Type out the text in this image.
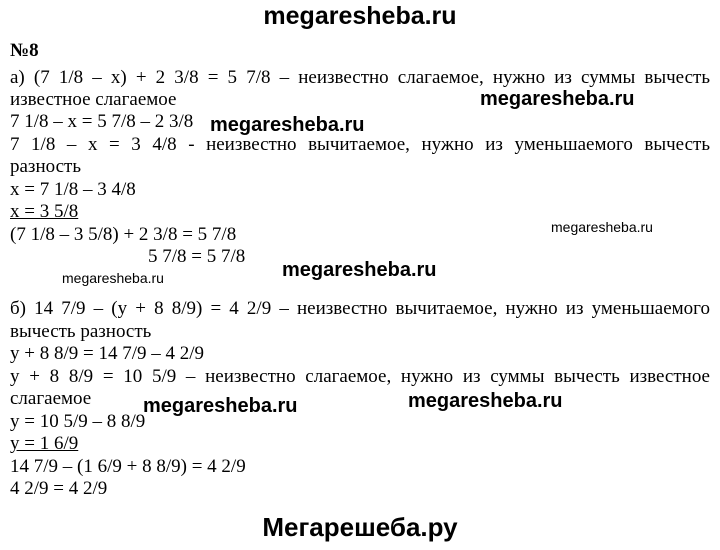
megaresheba.ru
№8
а) (7 1/8 – x) + 2 3/8 = 5 7/8 – неизвестно слагаемое, нужно из суммы вычесть
известное слагаемое
7 1/8 – x = 5 7/8 – 2 3/8
7 1/8 – x = 3 4/8 - неизвестно вычитаемое, нужно из уменьшаемого вычесть
разность
x = 7 1/8 – 3 4/8
x = 3 5/8
(7 1/8 – 3 5/8) + 2 3/8 = 5 7/8
5 7/8 = 5 7/8
б) 14 7/9 – (y + 8 8/9) = 4 2/9 – неизвестно вычитаемое, нужно из уменьшаемого
вычесть разность
y + 8 8/9 = 14 7/9 – 4 2/9
y + 8 8/9 = 10 5/9 – неизвестно слагаемое, нужно из суммы вычесть известное
слагаемое
y = 10 5/9 – 8 8/9
y = 1 6/9
14 7/9 – (1 6/9 + 8 8/9) = 4 2/9
4 2/9 = 4 2/9
megaresheba.ru
megaresheba.ru
megaresheba.ru
megaresheba.ru
megaresheba.ru
megaresheba.ru	megaresheba.ru
Мегарешеба.ру
